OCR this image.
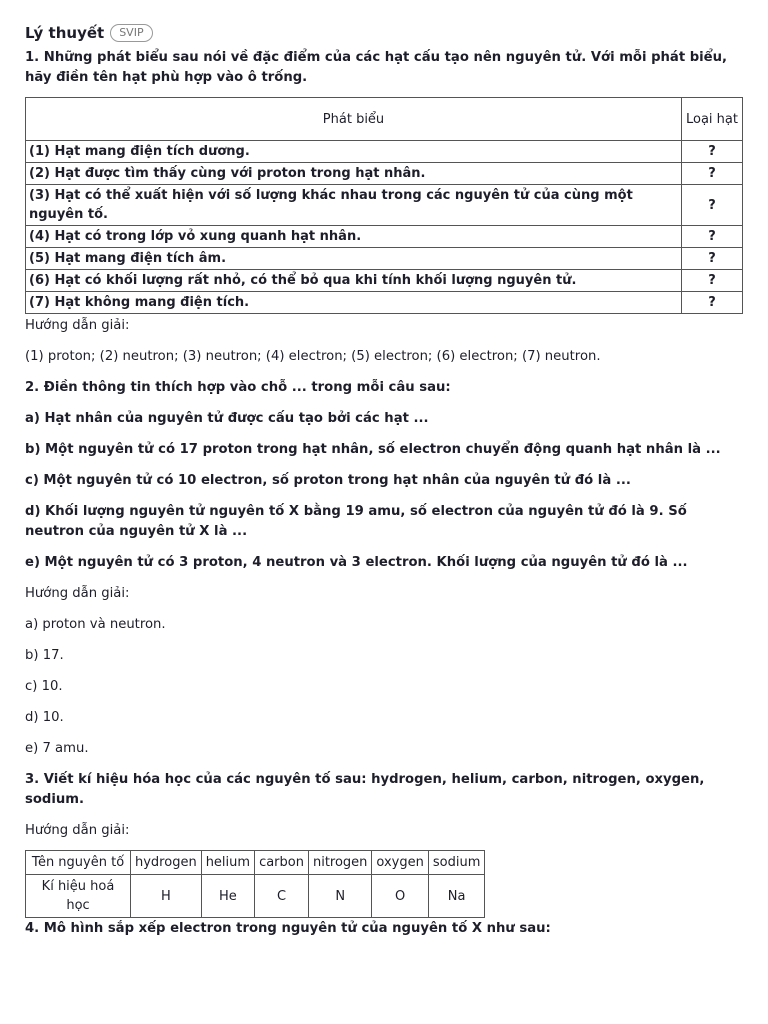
Lý thuyết	SVIP

1. Những phát biểu sau nói về đặc điểm của các hạt cấu tạo nên nguyên tử. Với mỗi phát biểu, hãy điền tên hạt phù hợp vào ô trống.

Phát biểu	Loại hạt
(1) Hạt mang điện tích dương.	?
(2) Hạt được tìm thấy cùng với proton trong hạt nhân.	?
(3) Hạt có thể xuất hiện với số lượng khác nhau trong các nguyên tử của cùng một nguyên tố.	?
(4) Hạt có trong lớp vỏ xung quanh hạt nhân.	?
(5) Hạt mang điện tích âm.	?
(6) Hạt có khối lượng rất nhỏ, có thể bỏ qua khi tính khối lượng nguyên tử.	?
(7) Hạt không mang điện tích.	?

Hướng dẫn giải:

(1) proton; (2) neutron; (3) neutron; (4) electron; (5) electron; (6) electron; (7) neutron.

2. Điền thông tin thích hợp vào chỗ ... trong mỗi câu sau:

a) Hạt nhân của nguyên tử được cấu tạo bởi các hạt ...

b) Một nguyên tử có 17 proton trong hạt nhân, số electron chuyển động quanh hạt nhân là ...

c) Một nguyên tử có 10 electron, số proton trong hạt nhân của nguyên tử đó là ...

d) Khối lượng nguyên tử nguyên tố X bằng 19 amu, số electron của nguyên tử đó là 9. Số neutron của nguyên tử X là ...

e) Một nguyên tử có 3 proton, 4 neutron và 3 electron. Khối lượng của nguyên tử đó là ...

Hướng dẫn giải:

a) proton và neutron.

b) 17.

c) 10.

d) 10.

e) 7 amu.

3. Viết kí hiệu hóa học của các nguyên tố sau: hydrogen, helium, carbon, nitrogen, oxygen, sodium.

Hướng dẫn giải:

Tên nguyên tố	hydrogen	helium	carbon	nitrogen	oxygen	sodium
Kí hiệu hoá học	H	He	C	N	O	Na

4. Mô hình sắp xếp electron trong nguyên tử của nguyên tố X như sau:
